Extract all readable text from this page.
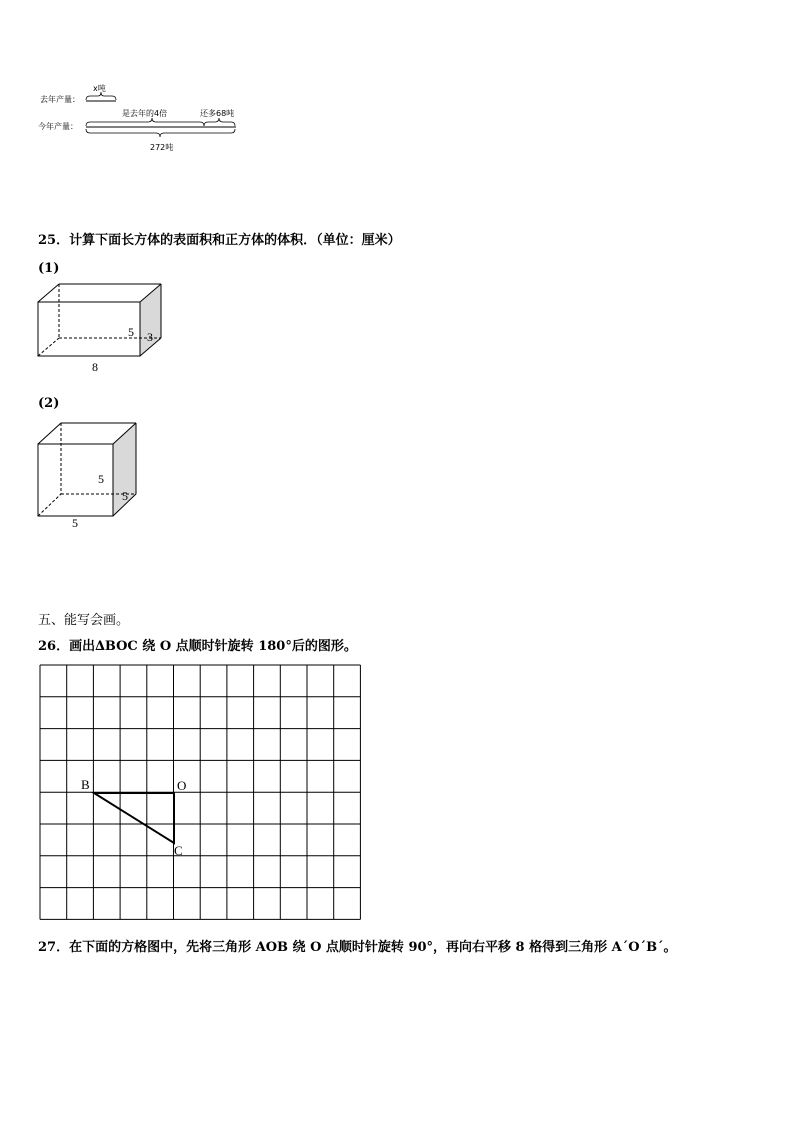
去年产量：
今年产量：
x吨
是去年的4倍	还多68吨
272吨
25．计算下面长方体的表面积和正方体的体积．（单位：厘米）
(1)
8
5 3
(2)
5
5
5
五、能写会画。
26．画出∆BOC 绕 O 点顺时针旋转 180°后的图形。
B	O
C
27．在下面的方格图中，先将三角形 AOB 绕 O 点顺时针旋转 90°，再向右平移 8 格得到三角形 A´O´B´。
